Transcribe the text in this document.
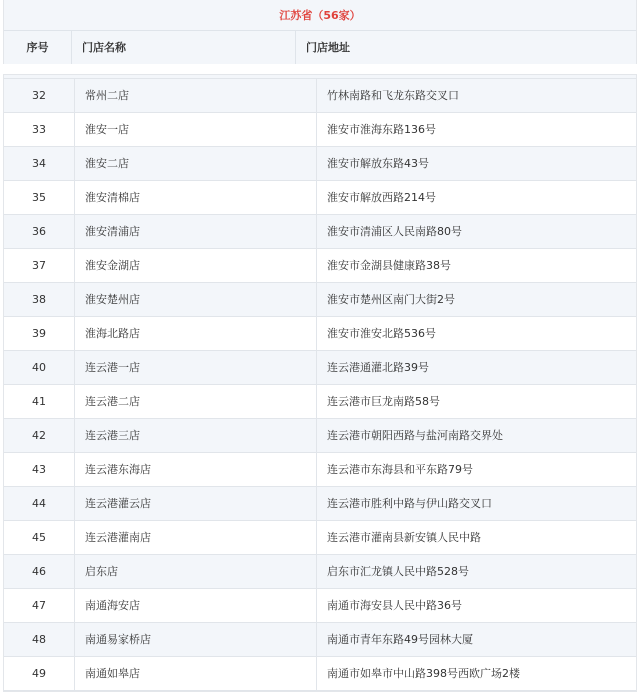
江苏省（56家）
序号	门店名称	门店地址
32	常州二店	竹林南路和飞龙东路交叉口
33	淮安一店	淮安市淮海东路136号
34	淮安二店	淮安市解放东路43号
35	淮安清棉店	淮安市解放西路214号
36	淮安清浦店	淮安市清浦区人民南路80号
37	淮安金湖店	淮安市金湖县健康路38号
38	淮安楚州店	淮安市楚州区南门大街2号
39	淮海北路店	淮安市淮安北路536号
40	连云港一店	连云港通灌北路39号
41	连云港二店	连云港市巨龙南路58号
42	连云港三店	连云港市朝阳西路与盐河南路交界处
43	连云港东海店	连云港市东海县和平东路79号
44	连云港灌云店	连云港市胜利中路与伊山路交叉口
45	连云港灌南店	连云港市灌南县新安镇人民中路
46	启东店	启东市汇龙镇人民中路528号
47	南通海安店	南通市海安县人民中路36号
48	南通易家桥店	南通市青年东路49号园林大厦
49	南通如皋店	南通市如皋市中山路398号西欧广场2楼
